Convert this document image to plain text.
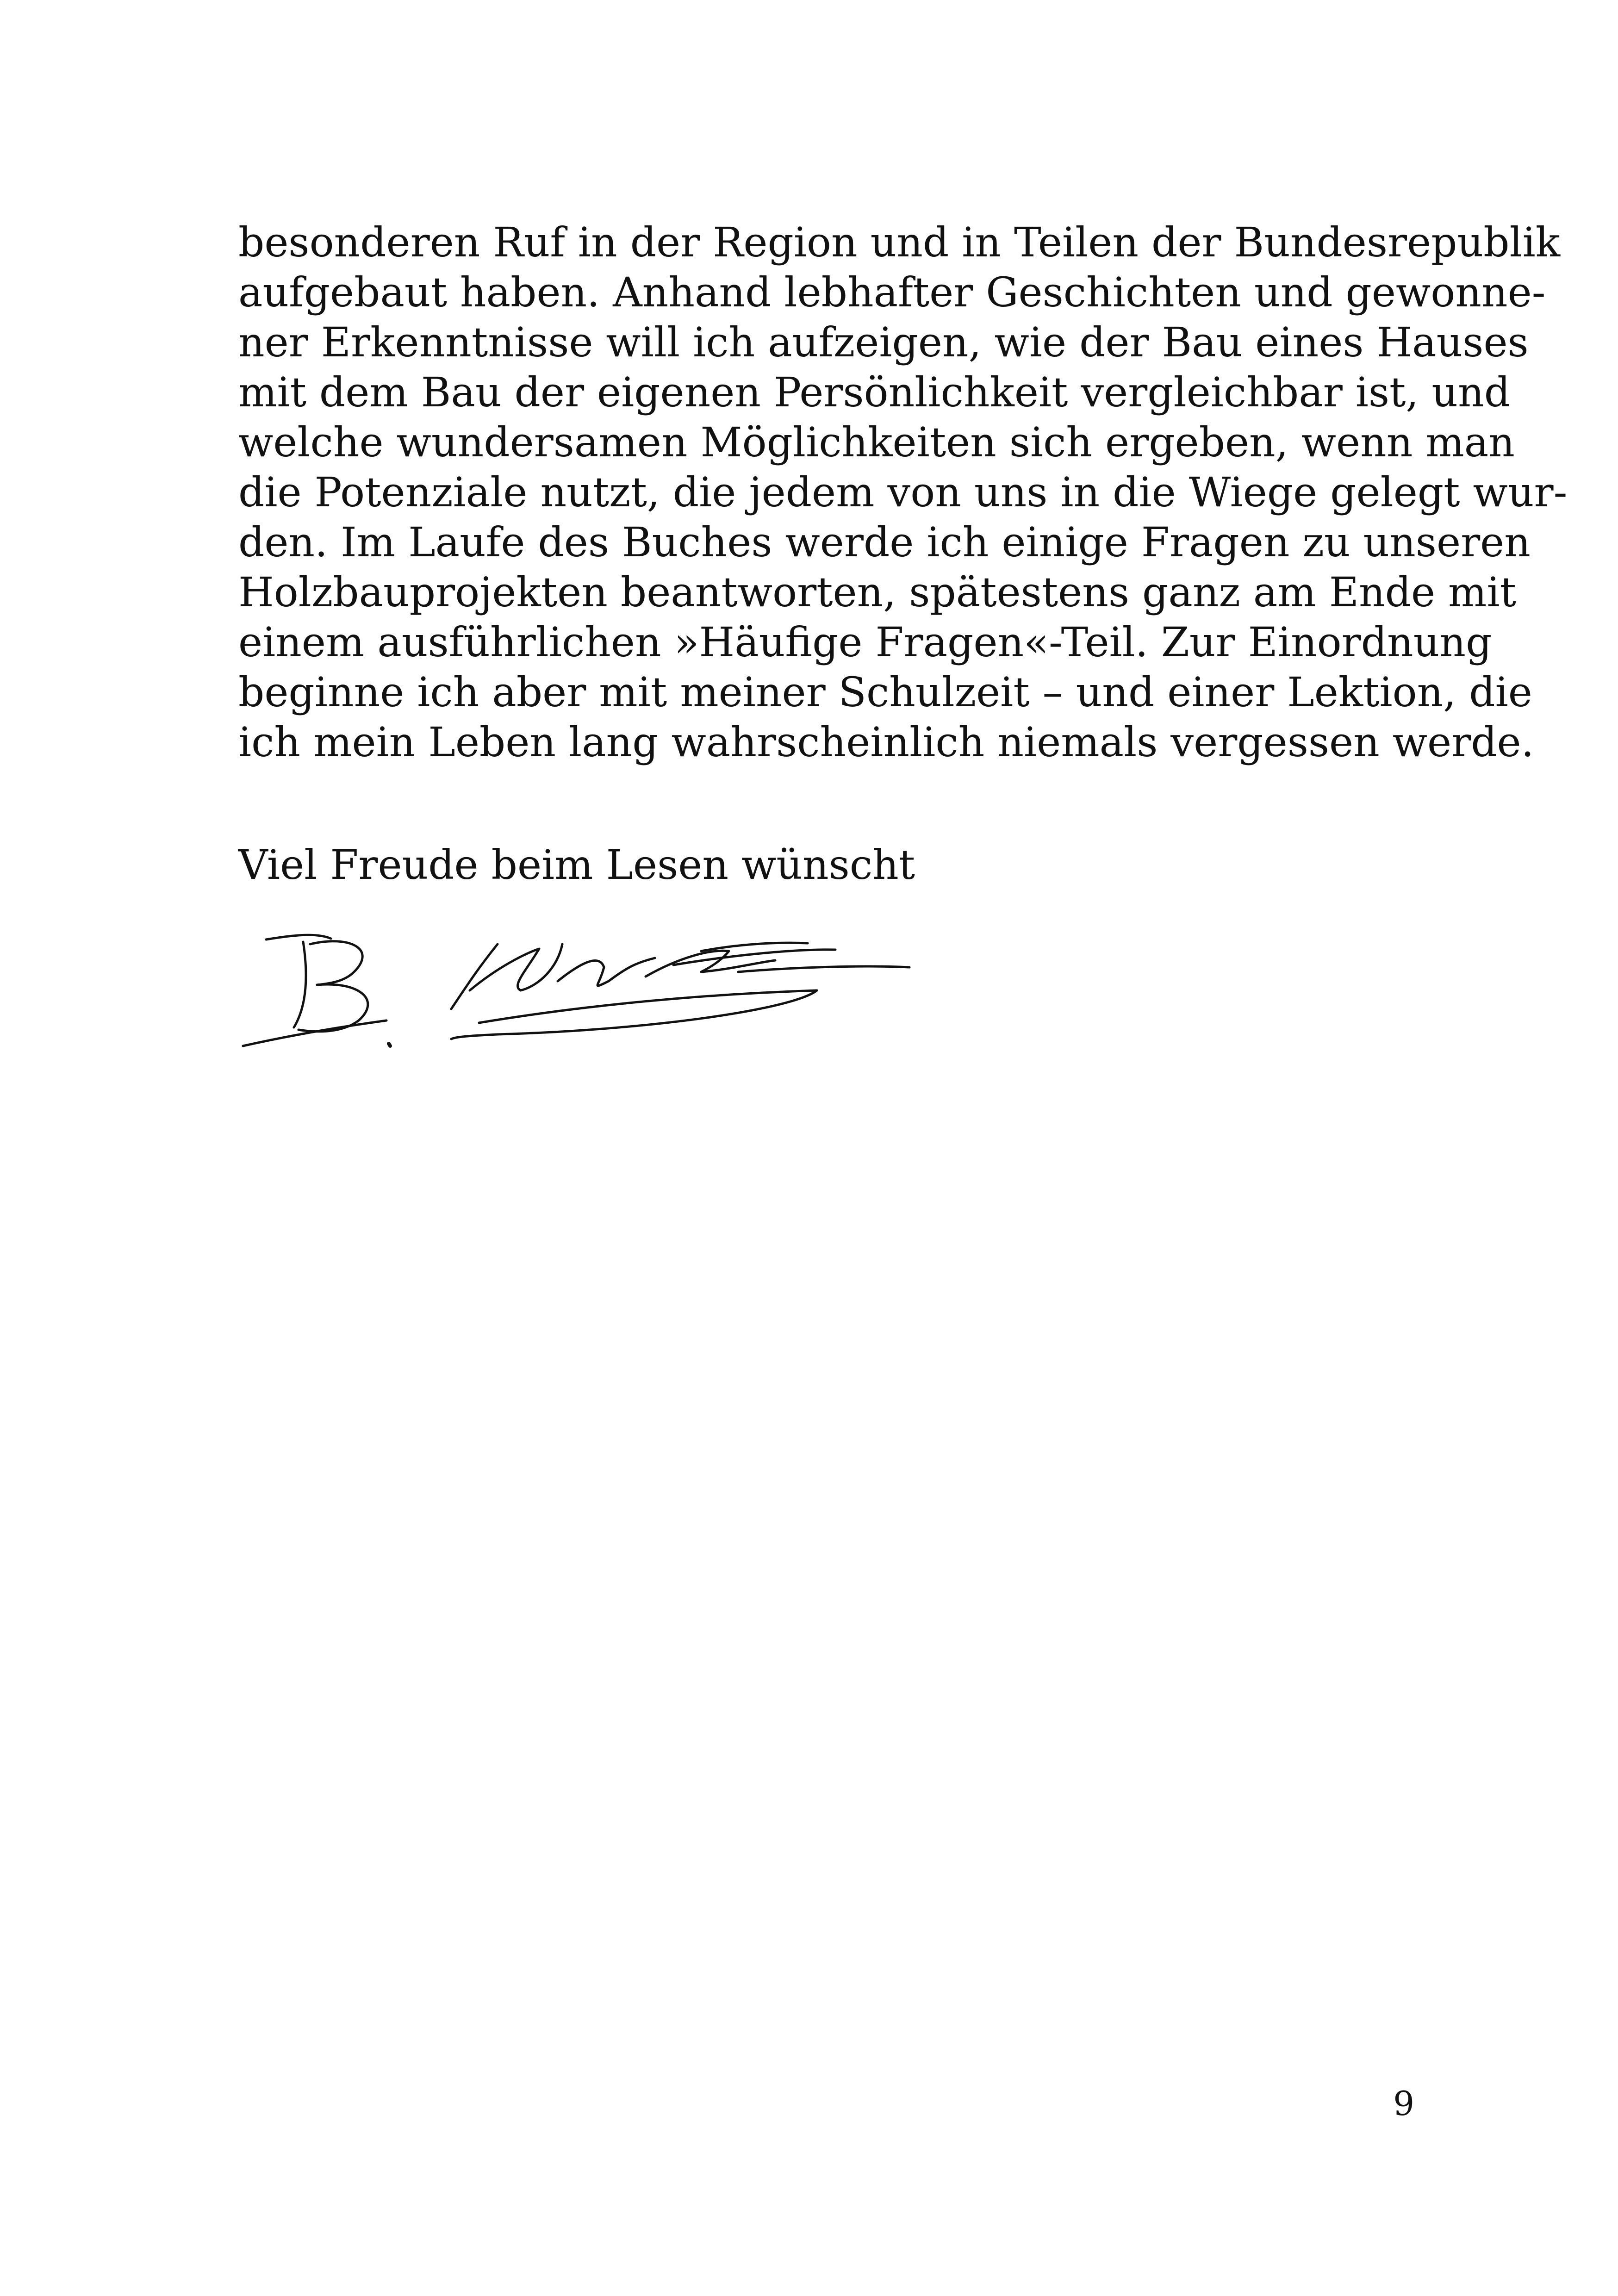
besonderen Ruf in der Region und in Teilen der Bundesrepublik
aufgebaut haben. Anhand lebhafter Geschichten und gewonne-
ner Erkenntnisse will ich aufzeigen, wie der Bau eines Hauses
mit dem Bau der eigenen Persönlichkeit vergleichbar ist, und
welche wundersamen Möglichkeiten sich ergeben, wenn man
die Potenziale nutzt, die jedem von uns in die Wiege gelegt wur-
den. Im Laufe des Buches werde ich einige Fragen zu unseren
Holzbauprojekten beantworten, spätestens ganz am Ende mit
einem ausführlichen »Häufige Fragen«-Teil. Zur Einordnung
beginne ich aber mit meiner Schulzeit – und einer Lektion, die
ich mein Leben lang wahrscheinlich niemals vergessen werde.
Viel Freude beim Lesen wünscht
9
